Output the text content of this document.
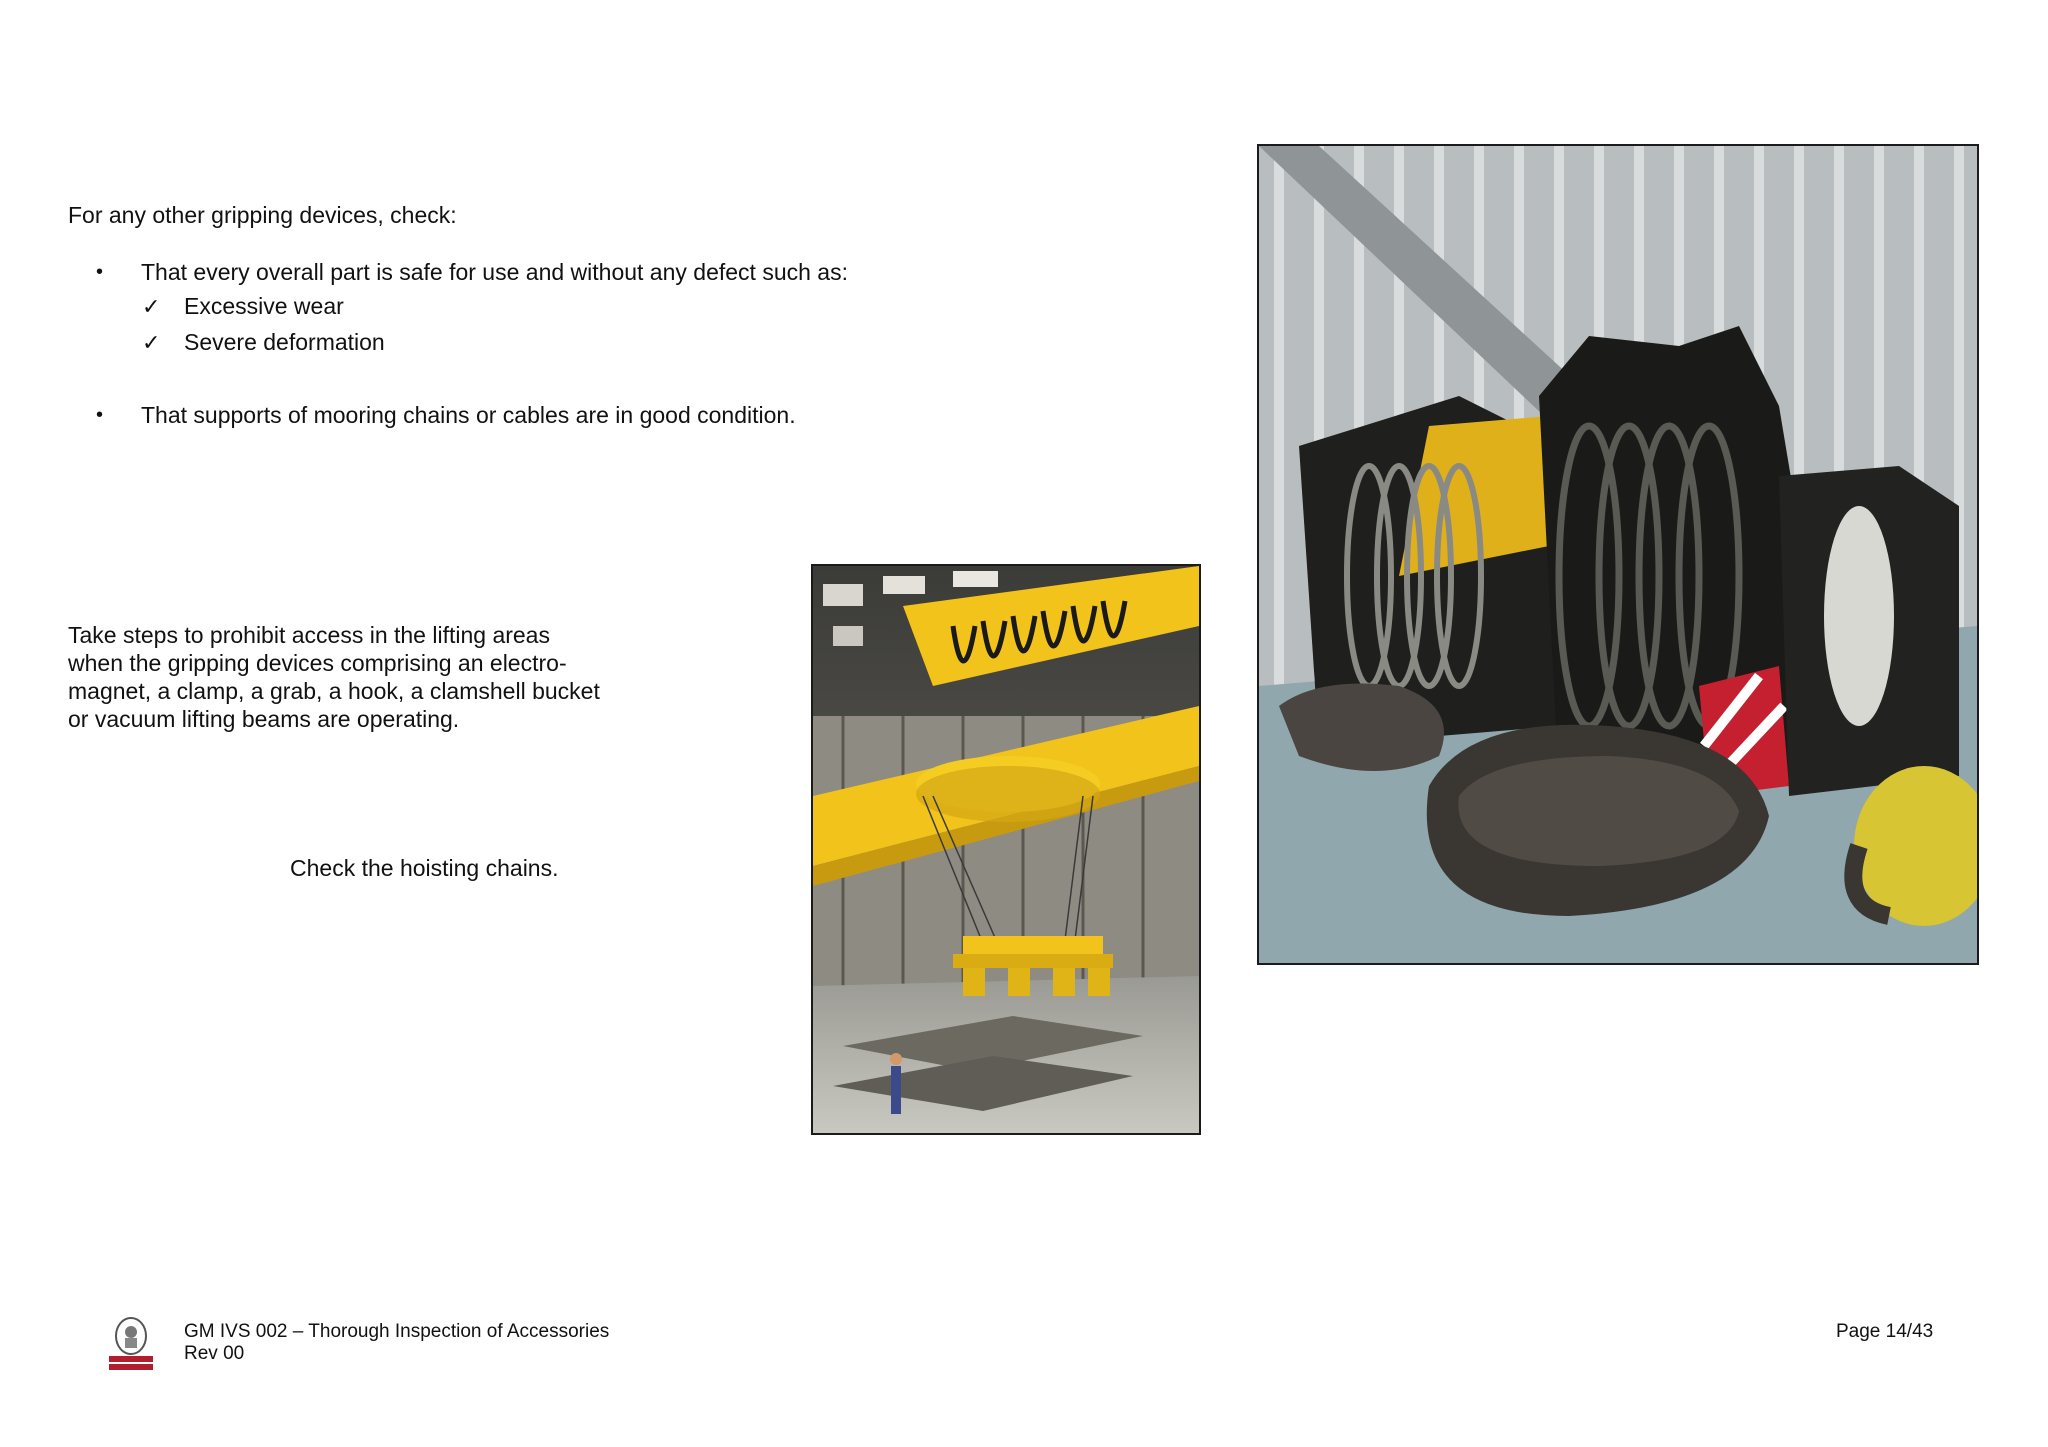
For any other gripping devices, check:
• That every overall part is safe for use and without any defect such as:
✓ Excessive wear
✓ Severe deformation
• That supports of mooring chains or cables are in good condition.
Take steps to prohibit access in the lifting areas
when the gripping devices comprising an electro-
magnet, a clamp, a grab, a hook, a clamshell bucket
or vacuum lifting beams are operating.
Check the hoisting chains.
GM IVS 002 – Thorough Inspection of Accessories
Rev 00
Page 14/43
